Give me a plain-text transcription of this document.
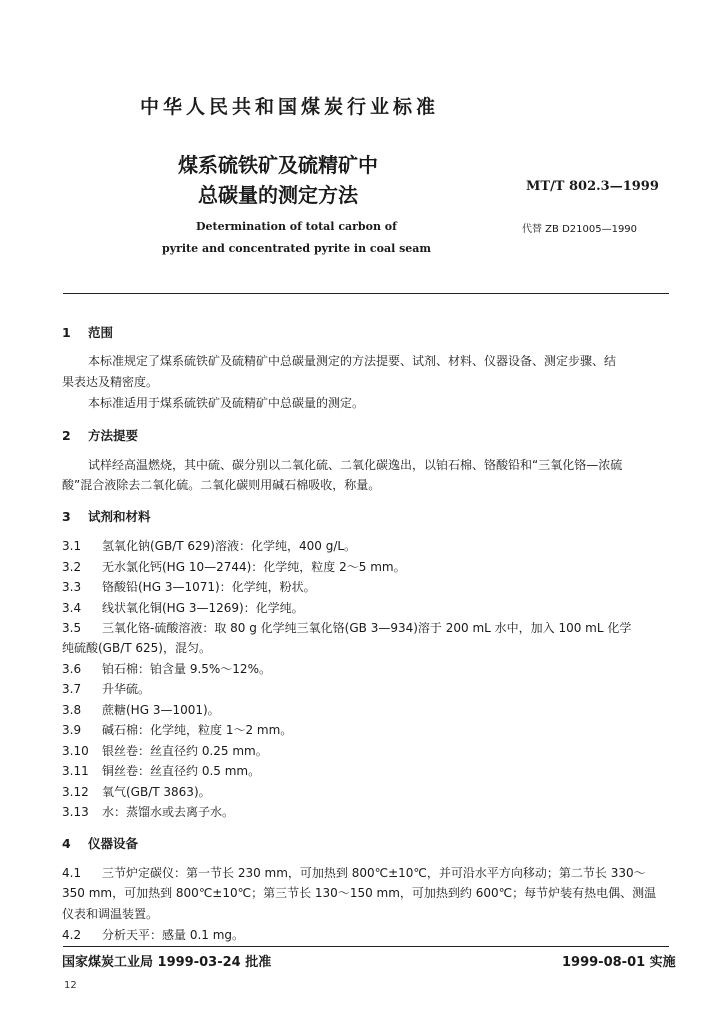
中华人民共和国煤炭行业标准
煤系硫铁矿及硫精矿中
总碳量的测定方法	MT/T 802.3—1999
代替 ZB D21005—1990
Determination of total carbon of
pyrite and concentrated pyrite in coal seam
1 范围
本标准规定了煤系硫铁矿及硫精矿中总碳量测定的方法提要、试剂、材料、仪器设备、测定步骤、结
果表达及精密度。
本标准适用于煤系硫铁矿及硫精矿中总碳量的测定。
2 方法提要
试样经高温燃烧，其中硫、碳分别以二氧化硫、二氧化碳逸出，以铂石棉、铬酸铅和“三氧化铬—浓硫
酸”混合液除去二氧化硫。二氧化碳则用碱石棉吸收，称量。
3 试剂和材料
3.1 氢氧化钠(GB/T 629)溶液：化学纯，400 g/L。
3.2 无水氯化钙(HG 10—2744)：化学纯，粒度 2～5 mm。
3.3 铬酸铅(HG 3—1071)：化学纯，粉状。
3.4 线状氧化铜(HG 3—1269)：化学纯。
3.5 三氧化铬-硫酸溶液：取 80 g 化学纯三氧化铬(GB 3—934)溶于 200 mL 水中，加入 100 mL 化学
纯硫酸(GB/T 625)，混匀。
3.6 铂石棉：铂含量 9.5%～12%。
3.7 升华硫。
3.8 蔗糖(HG 3—1001)。
3.9 碱石棉：化学纯，粒度 1～2 mm。
3.10 银丝卷：丝直径约 0.25 mm。
3.11 铜丝卷：丝直径约 0.5 mm。
3.12 氧气(GB/T 3863)。
3.13 水：蒸馏水或去离子水。
4 仪器设备
4.1 三节炉定碳仪：第一节长 230 mm，可加热到 800℃±10℃，并可沿水平方向移动；第二节长 330～
350 mm，可加热到 800℃±10℃；第三节长 130～150 mm，可加热到约 600℃；每节炉装有热电偶、测温
仪表和调温装置。
4.2 分析天平：感量 0.1 mg。
国家煤炭工业局 1999-03-24 批准	1999-08-01 实施
12
